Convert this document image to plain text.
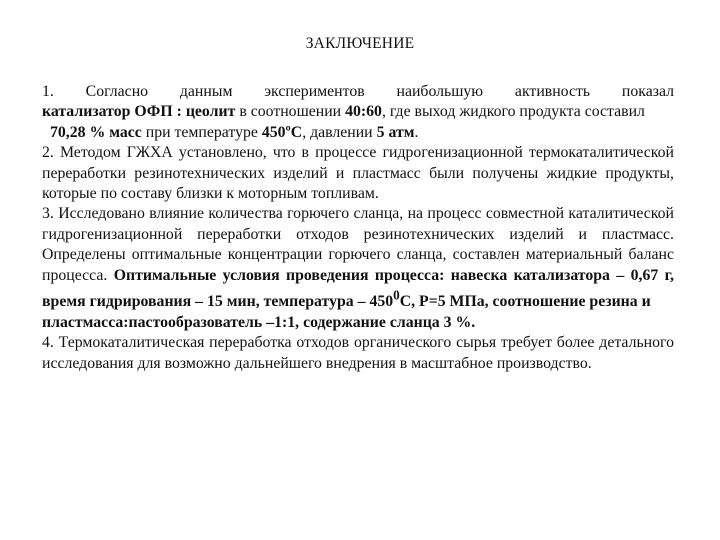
ЗАКЛЮЧЕНИЕ

1. Согласно данным экспериментов наибольшую активность показал

катализатор ОФП : цеолит в соотношении 40:60, где выход жидкого продукта составил

70,28 % масс при температуре 450ºС, давлении 5 атм.

2. Методом ГЖХА установлено, что в процессе гидрогенизационной термокаталитической переработки резинотехнических изделий и пластмасс были получены жидкие продукты, которые по составу близки к моторным топливам.

3. Исследовано влияние количества горючего сланца, на процесс совместной каталитической гидрогенизационной переработки отходов резинотехнических изделий и пластмасс. Определены оптимальные концентрации горючего сланца, составлен материальный баланс процесса. Оптимальные условия проведения процесса: навеска катализатора – 0,67 г, время гидрирования – 15 мин, температура – $450^0С$, Р=5 МПа, соотношение резина и
пластмасса:пастообразователь –1:1, содержание сланца 3 %.

4. Термокаталитическая переработка отходов органического сырья требует более детального исследования для возможно дальнейшего внедрения в масштабное производство.
